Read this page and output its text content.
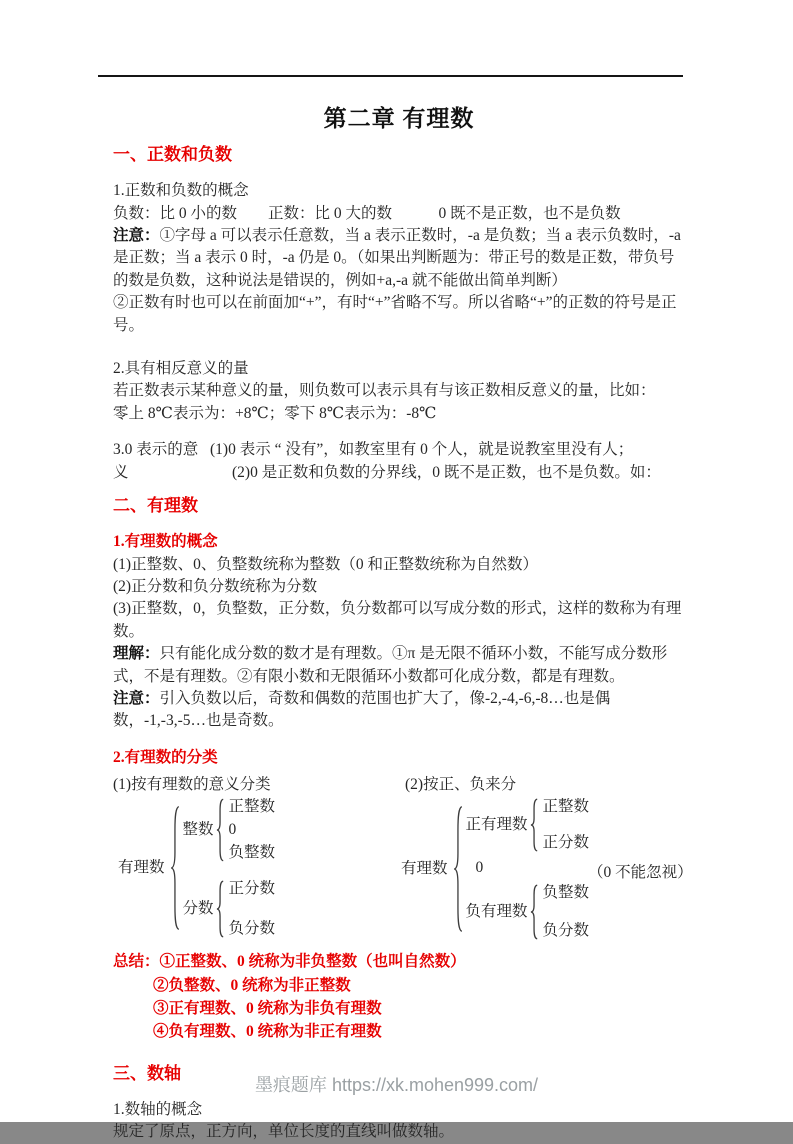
第二章 有理数
一、正数和负数

1.正数和负数的概念

负数：比 0 小的数　　正数：比 0 大的数　　　0 既不是正数，也不是负数

注意：①字母 a 可以表示任意数，当 a 表示正数时，-a 是负数；当 a 表示负数时，-a 是正数；当 a 表示 0 时，-a 仍是 0。（如果出判断题为：带正号的数是正数，带负号的数是负数，这种说法是错误的，例如+a,-a 就不能做出简单判断）

②正数有时也可以在前面加“+”，有时“+”省略不写。所以省略“+”的正数的符号是正号。

2.具有相反意义的量

若正数表示某种意义的量，则负数可以表示具有与该正数相反意义的量，比如：

零上 8℃表示为：+8℃；零下 8℃表示为：-8℃

3.0 表示的意义

(1)0 表示 “ 没有”，如教室里有 0 个人，就是说教室里没有人；

(2)0 是正数和负数的分界线，0 既不是正数，也不是负数。如：

二、有理数

1.有理数的概念

(1)正整数、0、负整数统称为整数（0 和正整数统称为自然数）

(2)正分数和负分数统称为分数

(3)正整数，0，负整数，正分数，负分数都可以写成分数的形式，这样的数称为有理数。

理解：只有能化成分数的数才是有理数。①π 是无限不循环小数，不能写成分数形式，不是有理数。②有限小数和无限循环小数都可化成分数，都是有理数。

注意：引入负数以后，奇数和偶数的范围也扩大了，像-2,-4,-6,-8…也是偶数，-1,-3,-5…也是奇数。

2.有理数的分类

(1)按有理数的意义分类	(2)按正、负来分
有理数
整数
正整数
0
负整数
分数
正分数
负分数
有理数
正有理数
正整数
正分数
0
负有理数
负整数
负分数
（0 不能忽视）
总结： ①正整数、0 统称为非负整数（也叫自然数）
②负整数、0 统称为非正整数
③正有理数、0 统称为非负有理数
④负有理数、0 统称为非正有理数
三、数轴

1.数轴的概念

规定了原点，正方向，单位长度的直线叫做数轴。

墨痕题库 https://xk.mohen999.com/
